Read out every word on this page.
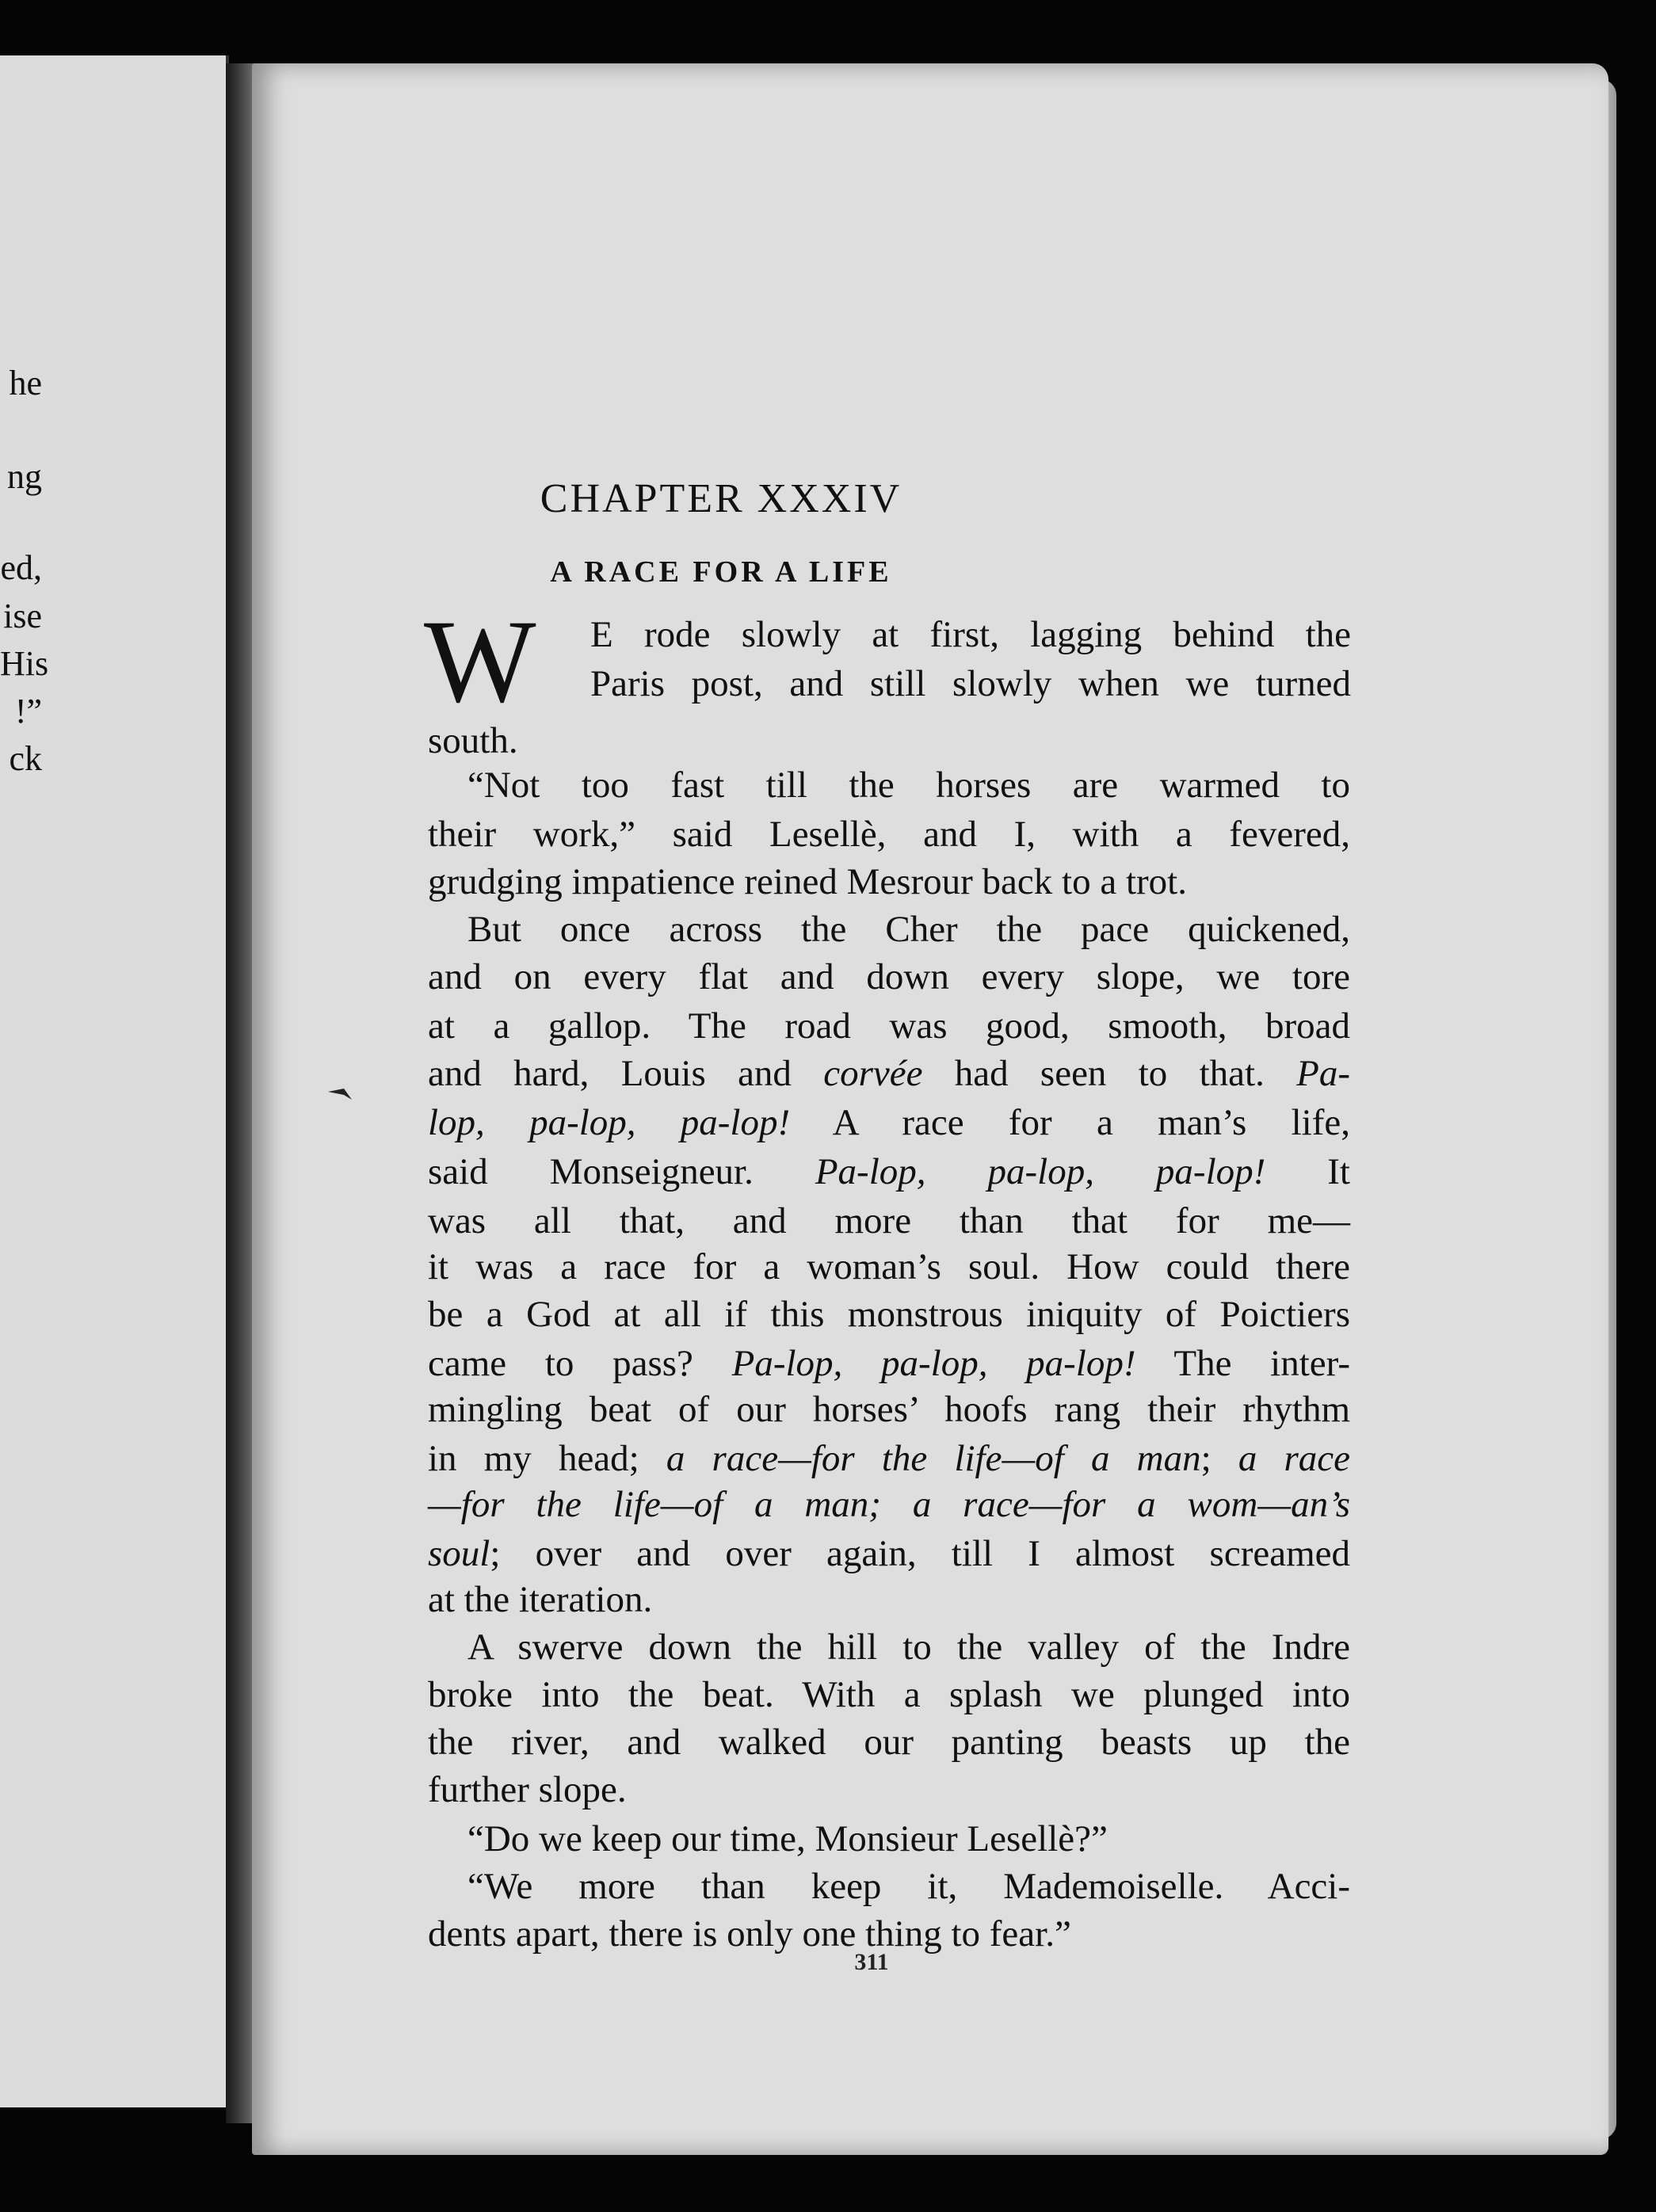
he
ng
ed,
ise
His
!”
ck
CHAPTER XXXIV
A RACE FOR A LIFE
W E rode slowly at first, lagging behind the
Paris post, and still slowly when we turned
south.
“Not too fast till the horses are warmed to
their work,” said Lesellè, and I, with a fevered,
grudging impatience reined Mesrour back to a trot.
But once across the Cher the pace quickened,
and on every flat and down every slope, we tore
at a gallop. The road was good, smooth, broad
and hard, Louis and corvée had seen to that. Pa-
lop, pa-lop, pa-lop! A race for a man’s life,
said Monseigneur. Pa-lop, pa-lop, pa-lop! It
was all that, and more than that for me—
it was a race for a woman’s soul. How could there
be a God at all if this monstrous iniquity of Poictiers
came to pass? Pa-lop, pa-lop, pa-lop! The inter-
mingling beat of our horses’ hoofs rang their rhythm
in my head; a race—for the life—of a man; a race
—for the life—of a man; a race—for a wom—an’s
soul; over and over again, till I almost screamed
at the iteration.
A swerve down the hill to the valley of the Indre
broke into the beat. With a splash we plunged into
the river, and walked our panting beasts up the
further slope.
“Do we keep our time, Monsieur Lesellè?”
“We more than keep it, Mademoiselle. Acci-
dents apart, there is only one thing to fear.”
311
